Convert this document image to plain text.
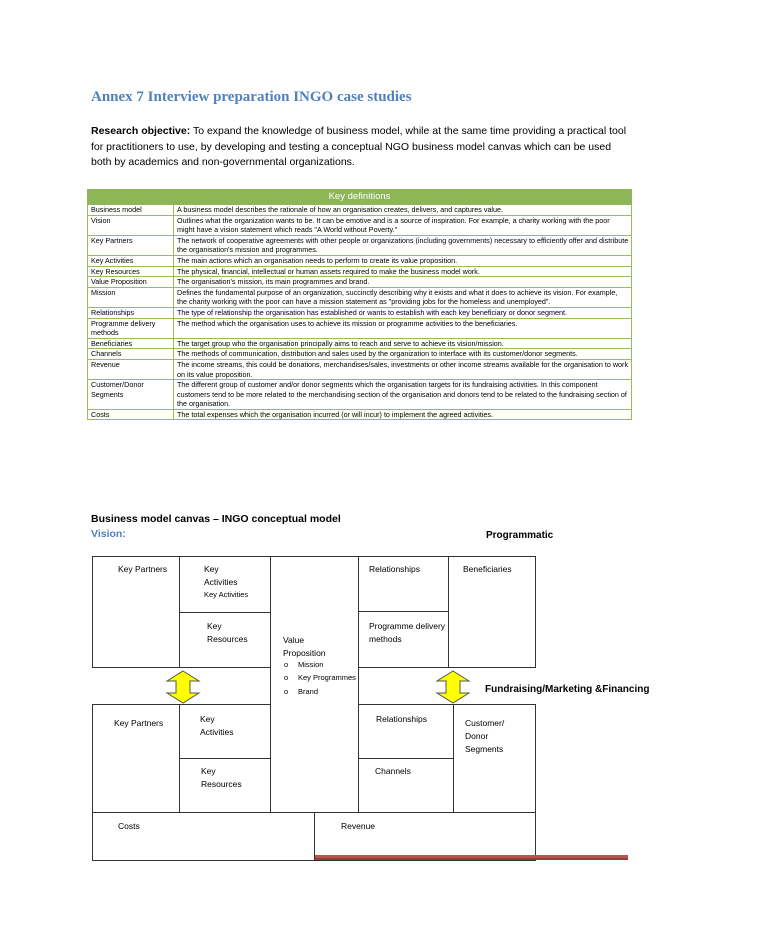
Annex 7 Interview preparation INGO case studies
Research objective: To expand the knowledge of business model, while at the same time providing a practical tool for practitioners to use, by developing and testing a conceptual NGO business model canvas which can be used both by academics and non-governmental organizations.
Key definitions	
Business model	A business model describes the rationale of how an organisation creates, delivers, and captures value.
Vision	Outlines what the organization wants to be. It can be emotive and is a source of inspiration. For example, a charity working with the poor might have a vision statement which reads "A World without Poverty."
Key Partners	The network of cooperative agreements with other people or organizations (including governments) necessary to efficiently offer and distribute the organisation's mission and programmes.
Key Activities	The main actions which an organisation needs to perform to create its value proposition.
Key Resources	The physical, financial, intellectual or human assets required to make the business model work.
Value Proposition	The organisation's mission, its main programmes and brand.
Mission	Defines the fundamental purpose of an organization, succinctly describing why it exists and what it does to achieve its vision. For example, the charity working with the poor can have a mission statement as "providing jobs for the homeless and unemployed".
Relationships	The type of relationship the organisation has established or wants to establish with each key beneficiary or donor segment.
Programme delivery methods	The method which the organisation uses to achieve its mission or programme activities to the beneficiaries.
Beneficiaries	The target group who the organisation principally aims to reach and serve to achieve its vision/mission.
Channels	The methods of communication, distribution and sales used by the organization to interface with its customer/donor segments.
Revenue	The income streams, this could be donations, merchandises/sales, investments or other income streams available for the organisation to work on its value proposition.
Customer/Donor Segments	The different group of customer and/or donor segments which the organisation targets for its fundraising activities. In this component customers tend to be more related to the merchandising section of the organisation and donors tend to be related to the fundraising section of the organisation.
Costs	The total expenses which the organisation incurred (or will incur) to implement the agreed activities.
Business model canvas – INGO conceptual model
Vision:	Programmatic
Fundraising/Marketing &Financing
Key Partners	Key Activities
Key Activities
Key Resources	Value Proposition
o Mission
o Key Programmes
o Brand
Relationships
Programme delivery methods
Beneficiaries
Key Partners	Key Activities
Key Resources
Relationships
Channels
Customer/ Donor Segments
Costs	Revenue
